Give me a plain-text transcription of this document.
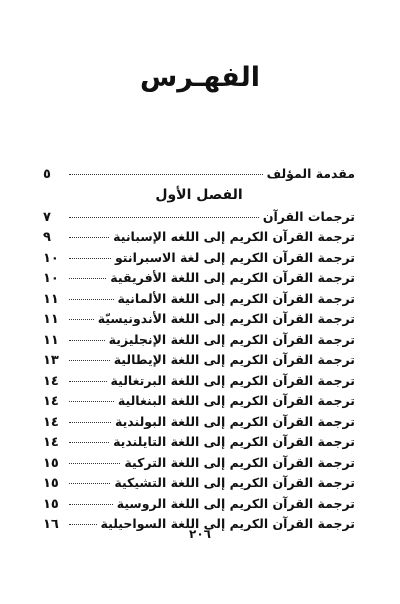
الفهـرس
مقدمة المؤلف
٥
الفصل الأول
ترجمات القرآن
٧
ترجمة القرآن الكريم إلى اللغه الإسبانية
٩
ترجمة القرآن الكريم إلى لغة الاسبرانتو
١٠
ترجمة القرآن الكريم إلى اللغة الأفريقية
١٠
ترجمة القرآن الكريم إلى اللغة الألمانية
١١
ترجمة القرآن الكريم إلى اللغة الأندونيسيّة
١١
ترجمة القرآن الكريم إلى اللغة الإنجليزية
١١
ترجمة القرآن الكريم إلى اللغة الإيطالية
١٣
ترجمة القرآن الكريم إلى اللغة البرتغالية
١٤
ترجمة القرآن الكريم إلى اللغة البنغالية
١٤
ترجمة القرآن الكريم إلى اللغة البولندية
١٤
ترجمة القرآن الكريم إلى اللغة التايلندية
١٤
ترجمة القرآن الكريم إلى اللغة التركية
١٥
ترجمة القرآن الكريم إلى اللغة التشيكية
١٥
ترجمة القرآن الكريم إلى اللغة الروسية
١٥
ترجمة القرآن الكريم إلى اللغة السواحيلية
١٦
٢٠٦
